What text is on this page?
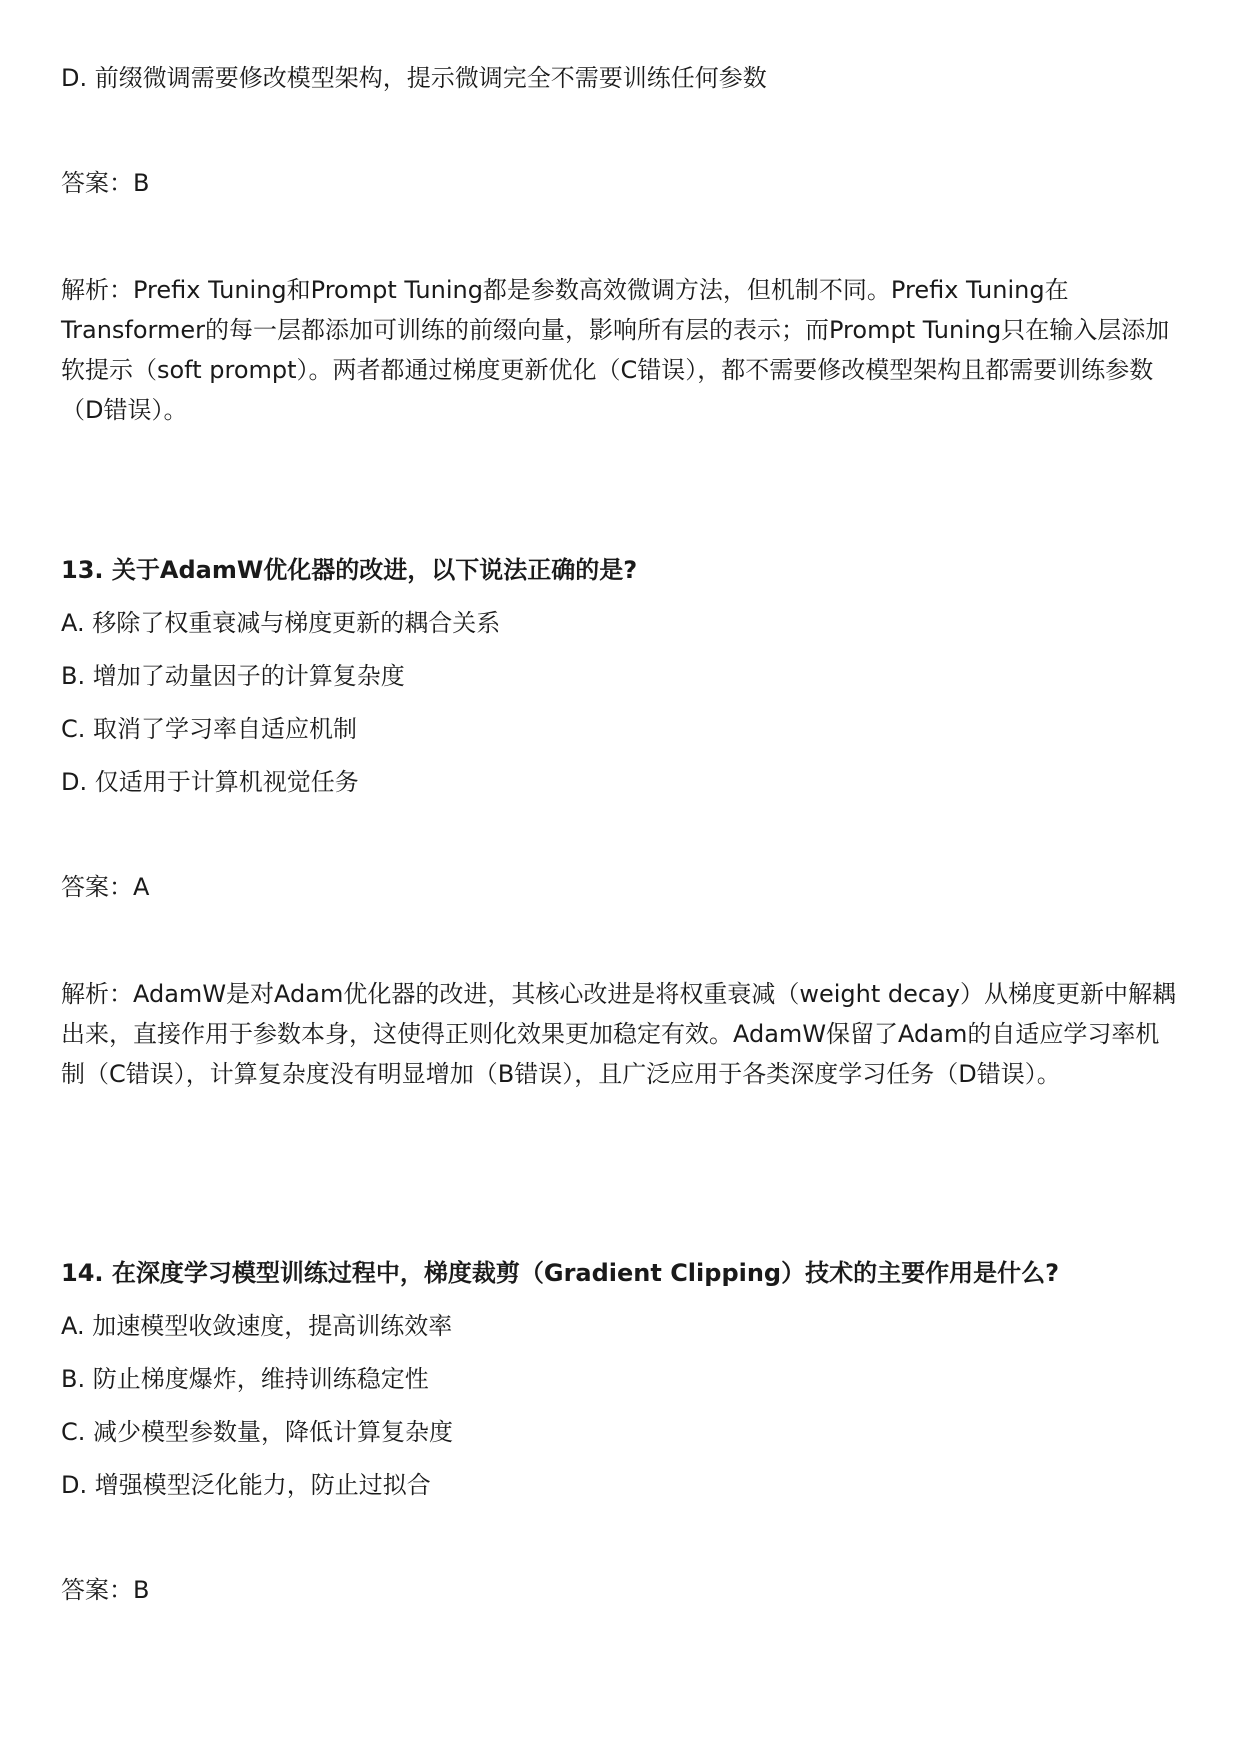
D. 前缀微调需要修改模型架构，提示微调完全不需要训练任何参数
答案：B
解析：Prefix Tuning和Prompt Tuning都是参数高效微调方法，但机制不同。Prefix Tuning在Transformer的每一层都添加可训练的前缀向量，影响所有层的表示；而Prompt Tuning只在输入层添加软提示（soft prompt）。两者都通过梯度更新优化（C错误），都不需要修改模型架构且都需要训练参数（D错误）。
13. 关于AdamW优化器的改进，以下说法正确的是?
A. 移除了权重衰减与梯度更新的耦合关系
B. 增加了动量因子的计算复杂度
C. 取消了学习率自适应机制
D. 仅适用于计算机视觉任务
答案：A
解析：AdamW是对Adam优化器的改进，其核心改进是将权重衰减（weight decay）从梯度更新中解耦出来，直接作用于参数本身，这使得正则化效果更加稳定有效。AdamW保留了Adam的自适应学习率机制（C错误），计算复杂度没有明显增加（B错误），且广泛应用于各类深度学习任务（D错误）。
14. 在深度学习模型训练过程中，梯度裁剪（Gradient Clipping）技术的主要作用是什么?
A. 加速模型收敛速度，提高训练效率
B. 防止梯度爆炸，维持训练稳定性
C. 减少模型参数量，降低计算复杂度
D. 增强模型泛化能力，防止过拟合
答案：B
